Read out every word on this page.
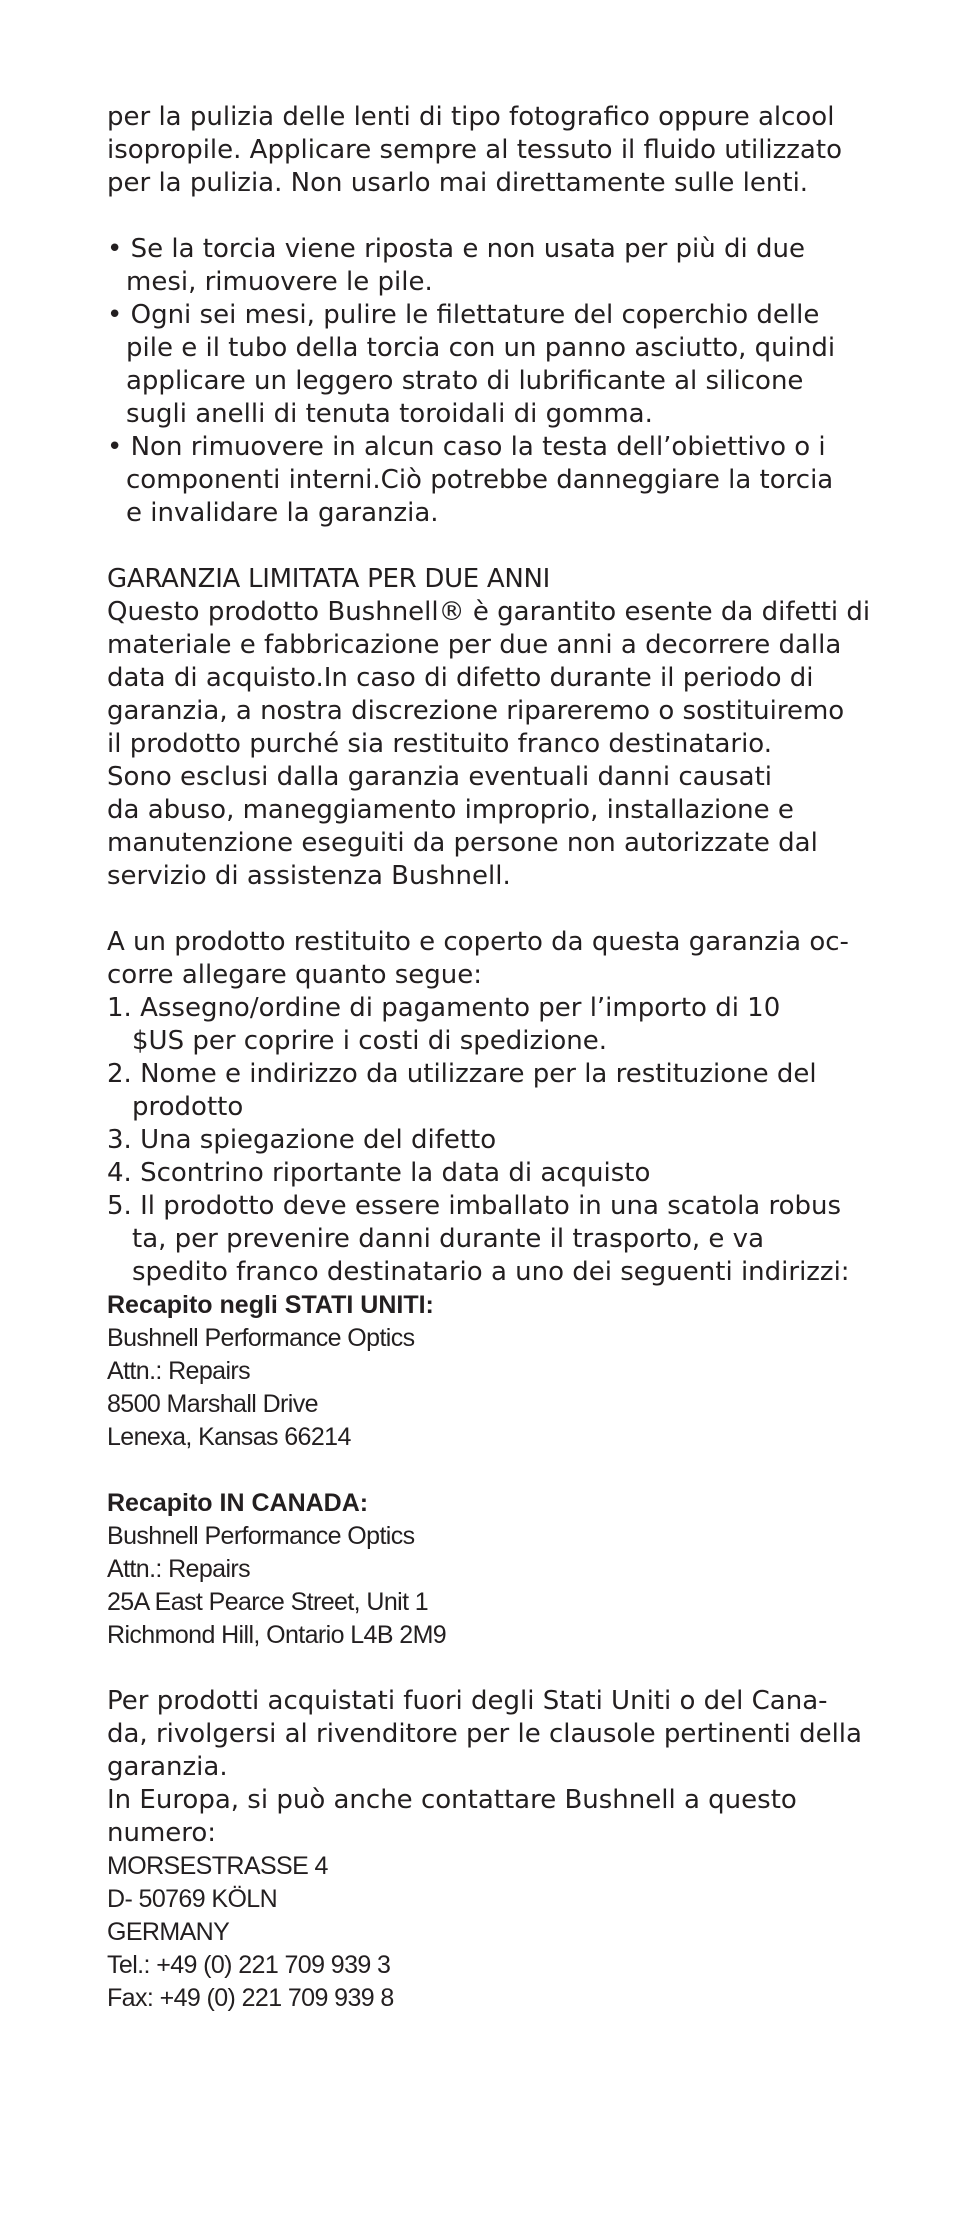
per la pulizia delle lenti di tipo fotografico oppure alcool
isopropile. Applicare sempre al tessuto il fluido utilizzato
per la pulizia. Non usarlo mai direttamente sulle lenti.
• Se la torcia viene riposta e non usata per più di due
mesi, rimuovere le pile.
• Ogni sei mesi, pulire le filettature del coperchio delle
pile e il tubo della torcia con un panno asciutto, quindi
applicare un leggero strato di lubrificante al silicone
sugli anelli di tenuta toroidali di gomma.
• Non rimuovere in alcun caso la testa dell’obiettivo o i
componenti interni.Ciò potrebbe danneggiare la torcia
e invalidare la garanzia.
GARANZIA LIMITATA PER DUE ANNI
Questo prodotto Bushnell® è garantito esente da difetti di
materiale e fabbricazione per due anni a decorrere dalla
data di acquisto.In caso di difetto durante il periodo di
garanzia, a nostra discrezione ripareremo o sostituiremo
il prodotto purché sia restituito franco destinatario.
Sono esclusi dalla garanzia eventuali danni causati
da abuso, maneggiamento improprio, installazione e
manutenzione eseguiti da persone non autorizzate dal
servizio di assistenza Bushnell.
A un prodotto restituito e coperto da questa garanzia oc-
corre allegare quanto segue:
1. Assegno/ordine di pagamento per l’importo di 10
$US per coprire i costi di spedizione.
2. Nome e indirizzo da utilizzare per la restituzione del
prodotto
3. Una spiegazione del difetto
4. Scontrino riportante la data di acquisto
5. Il prodotto deve essere imballato in una scatola robus
ta, per prevenire danni durante il trasporto, e va
spedito franco destinatario a uno dei seguenti indirizzi:
Recapito negli STATI UNITI:
Bushnell Performance Optics
Attn.: Repairs
8500 Marshall Drive
Lenexa, Kansas 66214
Recapito IN CANADA:
Bushnell Performance Optics
Attn.: Repairs
25A East Pearce Street, Unit 1
Richmond Hill, Ontario L4B 2M9
Per prodotti acquistati fuori degli Stati Uniti o del Cana-
da, rivolgersi al rivenditore per le clausole pertinenti della
garanzia.
In Europa, si può anche contattare Bushnell a questo
numero:
MORSESTRASSE 4
D- 50769 KÖLN
GERMANY
Tel.: +49 (0) 221 709 939 3
Fax: +49 (0) 221 709 939 8
